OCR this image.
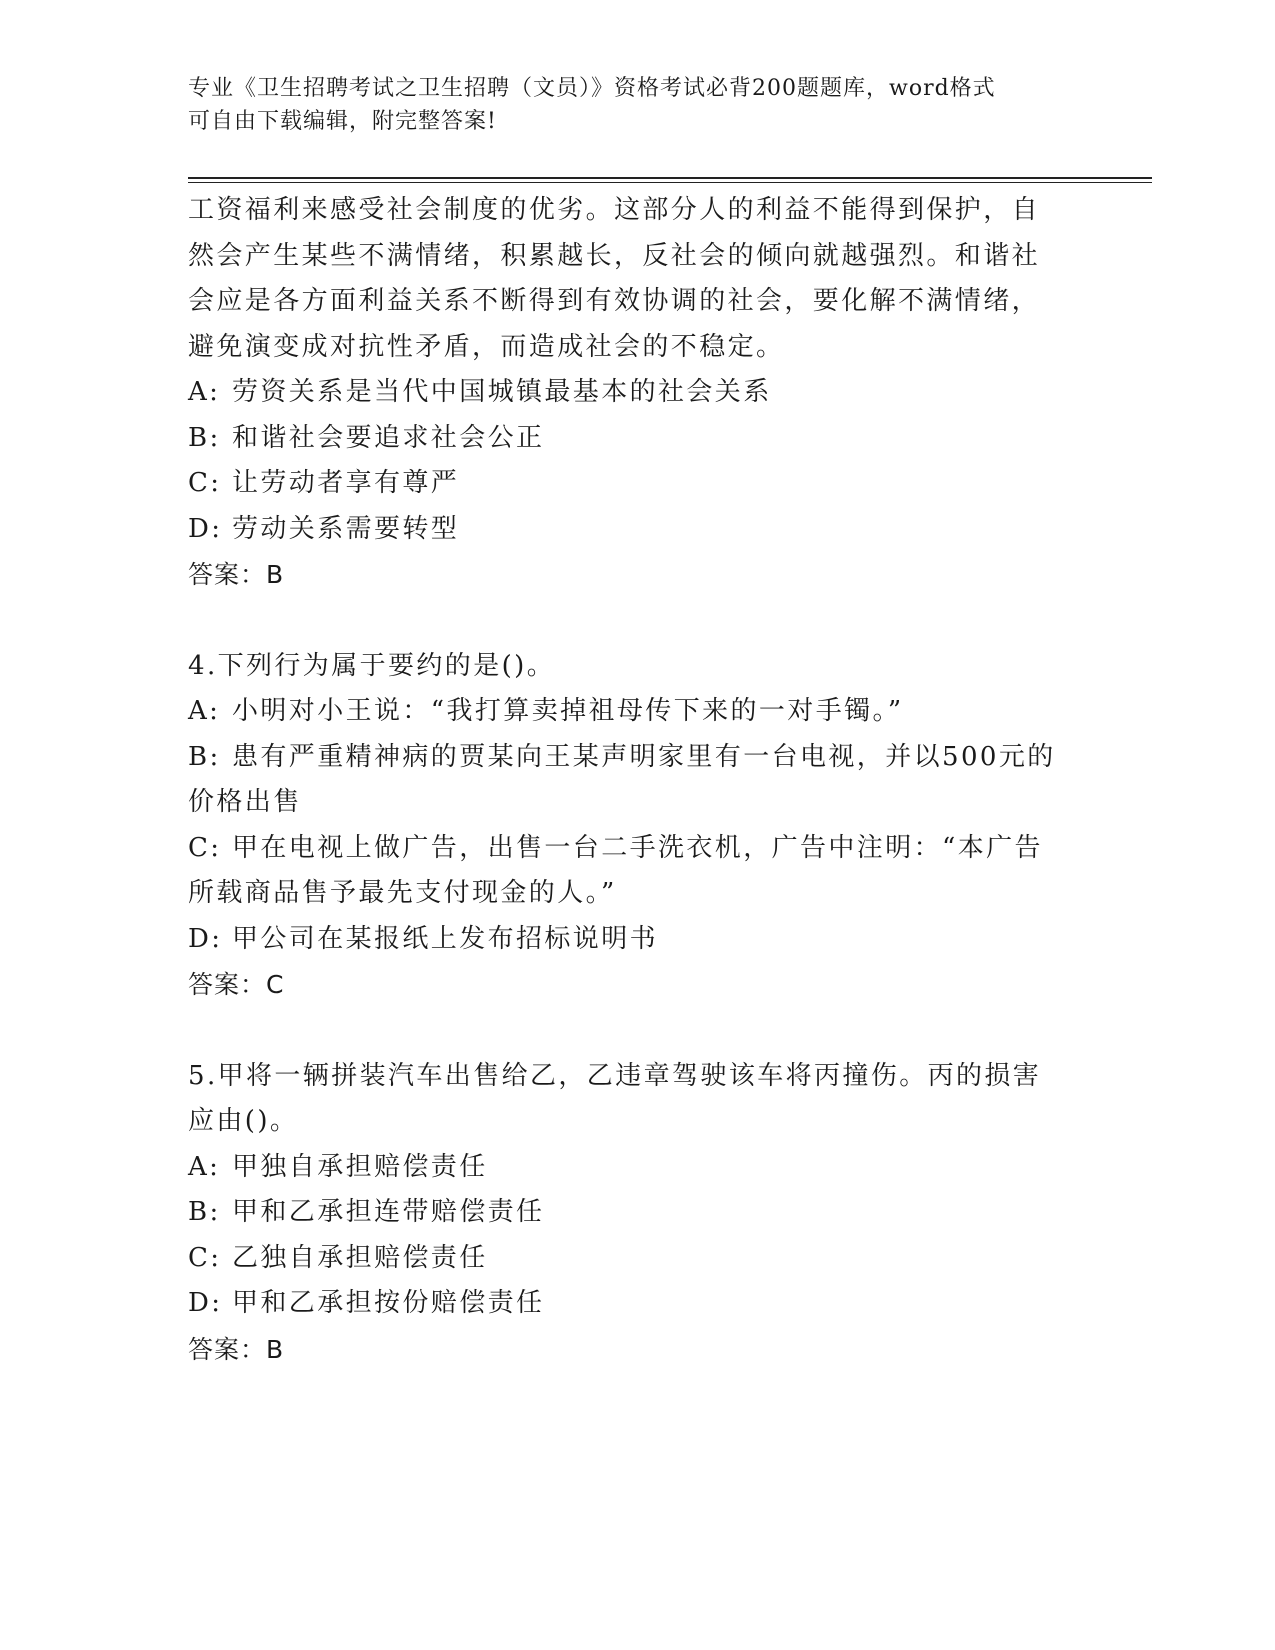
专业《卫生招聘考试之卫生招聘（文员）》资格考试必背200题题库，word格式
可自由下载编辑，附完整答案!

工资福利来感受社会制度的优劣。这部分人的利益不能得到保护，自

然会产生某些不满情绪，积累越长，反社会的倾向就越强烈。和谐社

会应是各方面利益关系不断得到有效协调的社会，要化解不满情绪，

避免演变成对抗性矛盾，而造成社会的不稳定。

A: 劳资关系是当代中国城镇最基本的社会关系

B: 和谐社会要追求社会公正

C: 让劳动者享有尊严

D: 劳动关系需要转型

答案：B

4.下列行为属于要约的是()。

A: 小明对小王说：“我打算卖掉祖母传下来的一对手镯。”

B: 患有严重精神病的贾某向王某声明家里有一台电视，并以500元的

价格出售

C: 甲在电视上做广告，出售一台二手洗衣机，广告中注明：“本广告

所载商品售予最先支付现金的人。”

D: 甲公司在某报纸上发布招标说明书

答案：C

5.甲将一辆拼装汽车出售给乙，乙违章驾驶该车将丙撞伤。丙的损害

应由()。

A: 甲独自承担赔偿责任

B: 甲和乙承担连带赔偿责任

C: 乙独自承担赔偿责任

D: 甲和乙承担按份赔偿责任

答案：B
